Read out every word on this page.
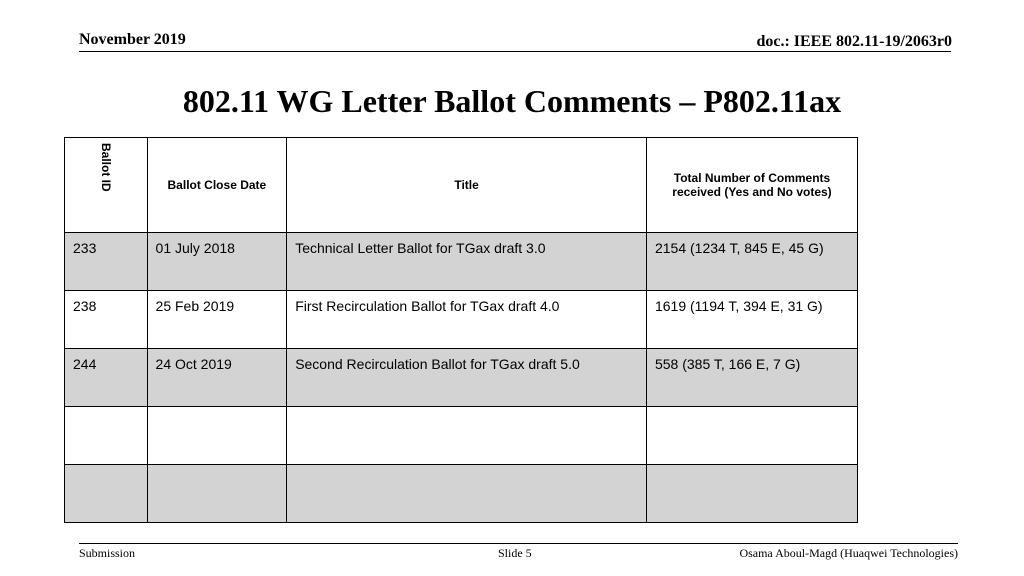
November 2019	doc.: IEEE 802.11-19/2063r0
802.11 WG Letter Ballot Comments – P802.11ax
Ballot ID	Ballot Close Date	Title	Total Number of Comments received (Yes and No votes)
233	01 July 2018	Technical Letter Ballot for TGax draft 3.0	2154 (1234 T, 845 E, 45 G)
238	25 Feb 2019	First Recirculation Ballot for TGax draft 4.0	1619 (1194 T, 394 E, 31 G)
244	24 Oct 2019	Second Recirculation Ballot for TGax draft 5.0	558 (385 T, 166 E, 7 G)

Submission	Slide 5	Osama Aboul-Magd (Huaqwei Technologies)
